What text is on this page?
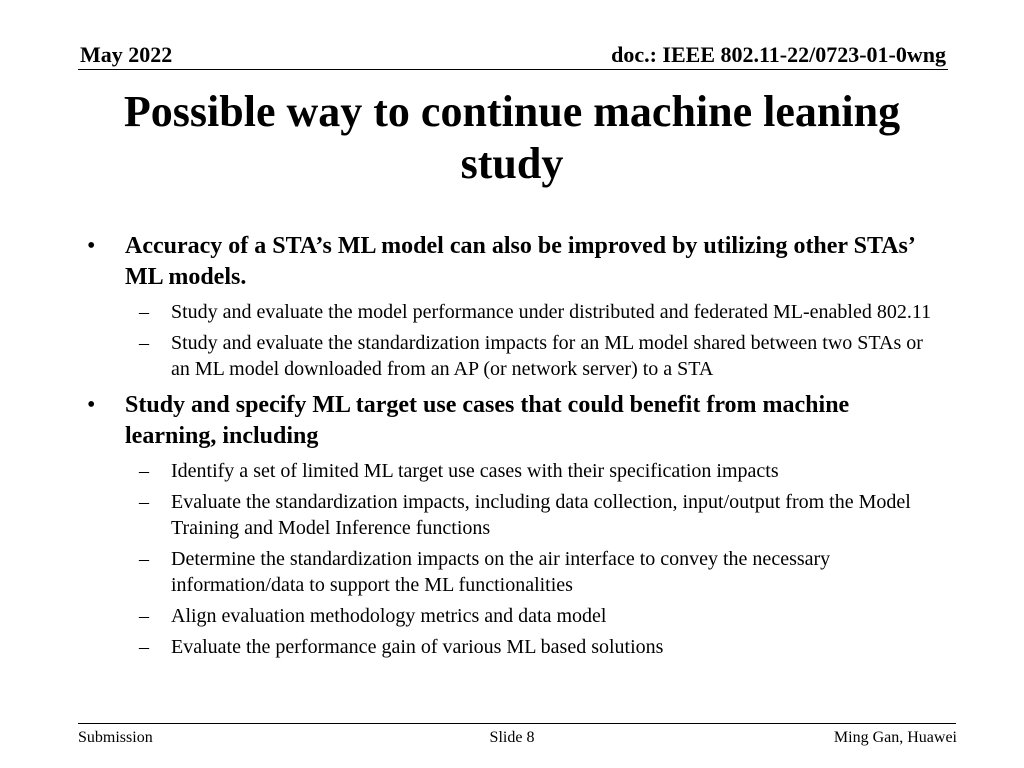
May 2022	doc.: IEEE 802.11-22/0723-01-0wng
Possible way to continue machine leaning study
• Accuracy of a STA’s ML model can also be improved by utilizing other STAs’ ML models.
– Study and evaluate the model performance under distributed and federated ML-enabled 802.11
– Study and evaluate the standardization impacts for an ML model shared between two STAs or an ML model downloaded from an AP (or network server) to a STA
• Study and specify ML target use cases that could benefit from machine learning, including
– Identify a set of limited ML target use cases with their specification impacts
– Evaluate the standardization impacts, including data collection, input/output from the Model Training and Model Inference functions
– Determine the standardization impacts on the air interface to convey the necessary information/data to support the ML functionalities
– Align evaluation methodology metrics and data model
– Evaluate the performance gain of various ML based solutions
Submission	Slide 8	Ming Gan, Huawei
